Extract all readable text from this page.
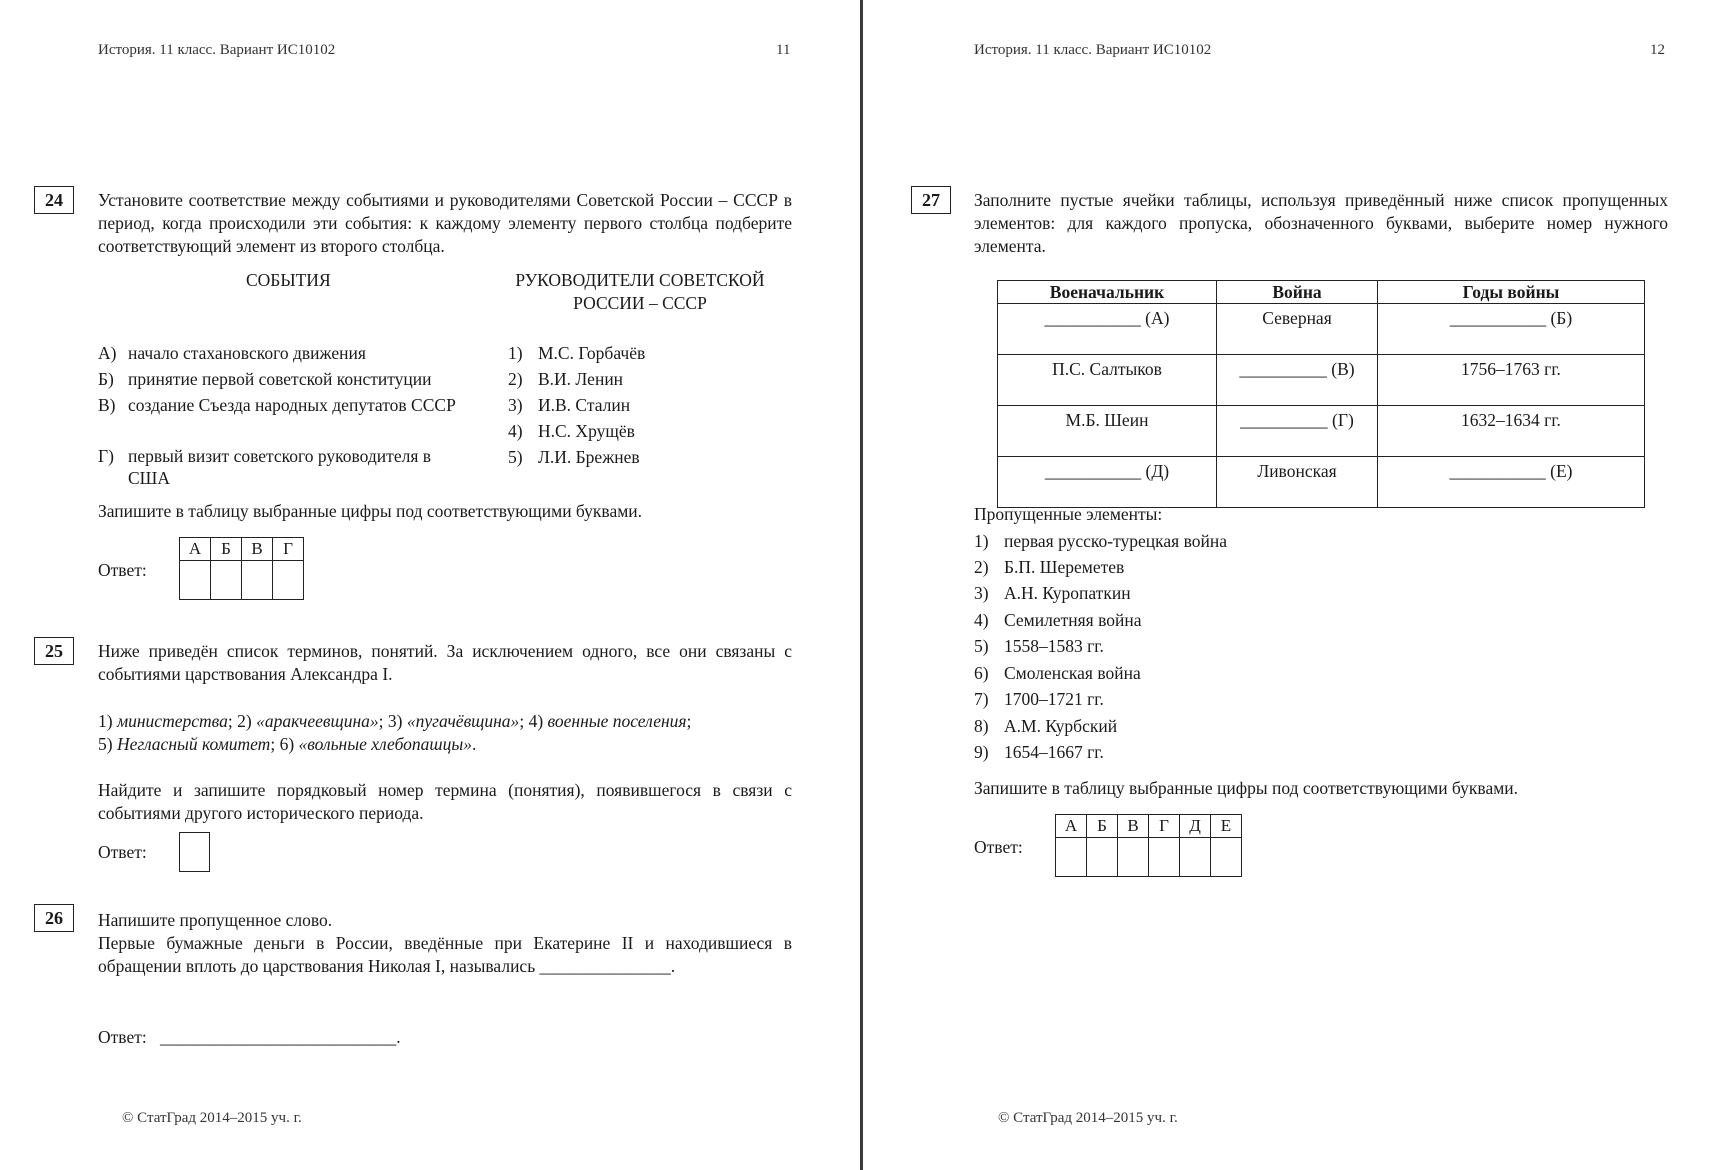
История. 11 класс. Вариант ИС10102	11
24	Установите соответствие между событиями и руководителями Советской России – СССР в период, когда происходили эти события: к каждому элементу первого столбца подберите соответствующий элемент из второго столбца.
СОБЫТИЯ	РУКОВОДИТЕЛИ СОВЕТСКОЙ РОССИИ – СССР
А) начало стахановского движения
Б) принятие первой советской конституции
В) создание Съезда народных депутатов СССР
Г) первый визит советского руководителя в США
1) М.С. Горбачёв
2) В.И. Ленин
3) И.В. Сталин
4) Н.С. Хрущёв
5) Л.И. Брежнев
Запишите в таблицу выбранные цифры под соответствующими буквами.
Ответ:
А	Б	В	Г

25	Ниже приведён список терминов, понятий. За исключением одного, все они связаны с событиями царствования Александра I.
1) министерства; 2) «аракчеевщина»; 3) «пугачёвщина»; 4) военные поселения;
5) Негласный комитет; 6) «вольные хлебопашцы».
Найдите и запишите порядковый номер термина (понятия), появившегося в связи с событиями другого исторического периода.
Ответ:
26	Напишите пропущенное слово.
Первые бумажные деньги в России, введённые при Екатерине II и находившиеся в обращении вплоть до царствования Николая I, назывались _______________.
Ответ: ___________________________.
© СтатГрад 2014–2015 уч. г.
История. 11 класс. Вариант ИС10102	12
27	Заполните пустые ячейки таблицы, используя приведённый ниже список пропущенных элементов: для каждого пропуска, обозначенного буквами, выберите номер нужного элемента.
Военачальник	Война	Годы войны
___________ (А)	Северная	___________ (Б)
П.С. Салтыков	__________ (В)	1756–1763 гг.
М.Б. Шеин	__________ (Г)	1632–1634 гг.
___________ (Д)	Ливонская	___________ (Е)
Пропущенные элементы:
1) первая русско-турецкая война
2) Б.П. Шереметев
3) А.Н. Куропаткин
4) Семилетняя война
5) 1558–1583 гг.
6) Смоленская война
7) 1700–1721 гг.
8) А.М. Курбский
9) 1654–1667 гг.
Запишите в таблицу выбранные цифры под соответствующими буквами.
Ответ:
А	Б	В	Г	Д	Е

© СтатГрад 2014–2015 уч. г.
